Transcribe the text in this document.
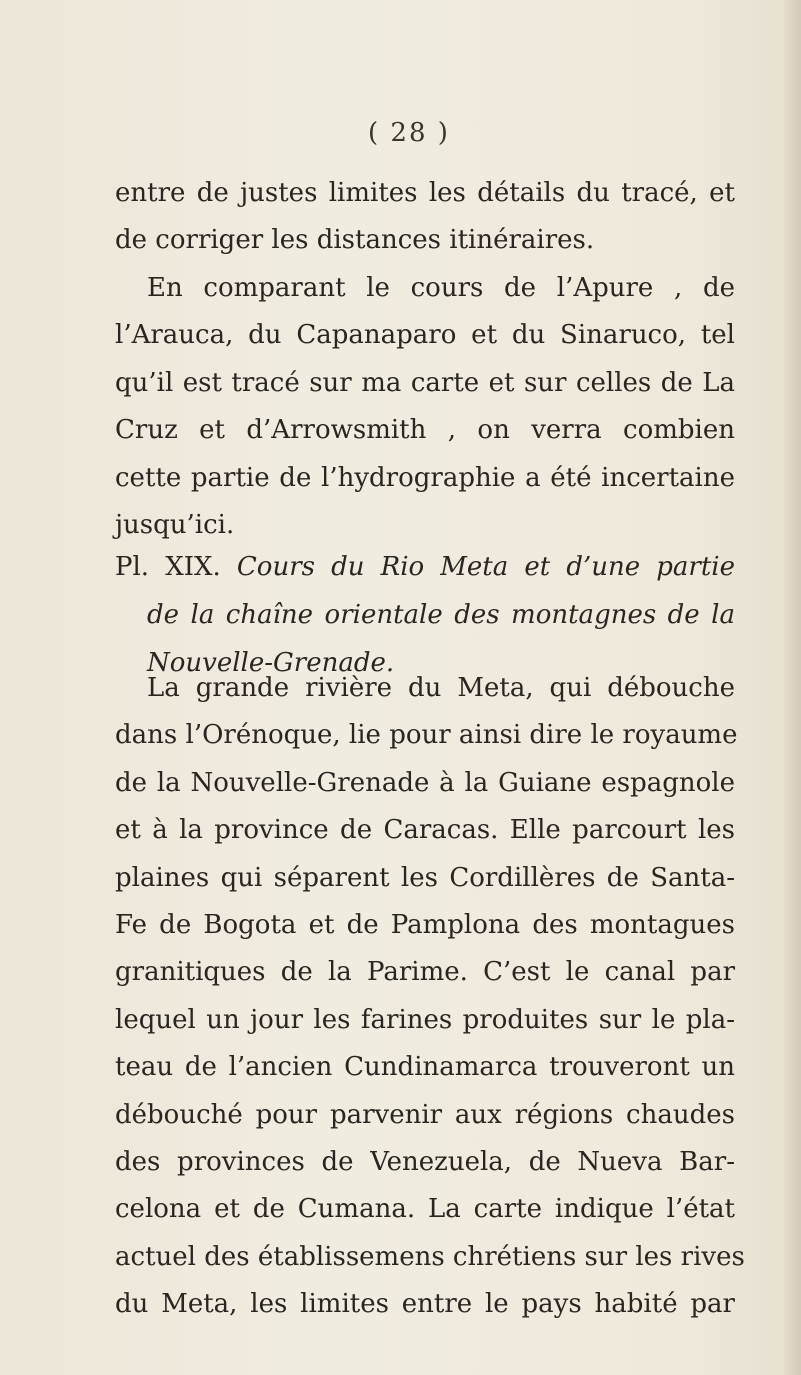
( 28 )
entre de justes limites les détails du tracé, et
de corriger les distances itinéraires.
En comparant le cours de l’Apure , de
l’Arauca, du Capanaparo et du Sinaruco, tel
qu’il est tracé sur ma carte et sur celles de La
Cruz et d’Arrowsmith , on verra combien
cette partie de l’hydrographie a été incertaine
jusqu’ici.
Pl. XIX. Cours du Rio Meta et d’une partie
de la chaîne orientale des montagnes de la
Nouvelle-Grenade.
La grande rivière du Meta, qui débouche
dans l’Orénoque, lie pour ainsi dire le royaume
de la Nouvelle-Grenade à la Guiane espagnole
et à la province de Caracas. Elle parcourt les
plaines qui séparent les Cordillères de Santa-
Fe de Bogota et de Pamplona des montagues
granitiques de la Parime. C’est le canal par
lequel un jour les farines produites sur le pla-
teau de l’ancien Cundinamarca trouveront un
débouché pour parvenir aux régions chaudes
des provinces de Venezuela, de Nueva Bar-
celona et de Cumana. La carte indique l’état
actuel des établissemens chrétiens sur les rives
du Meta, les limites entre le pays habité par
